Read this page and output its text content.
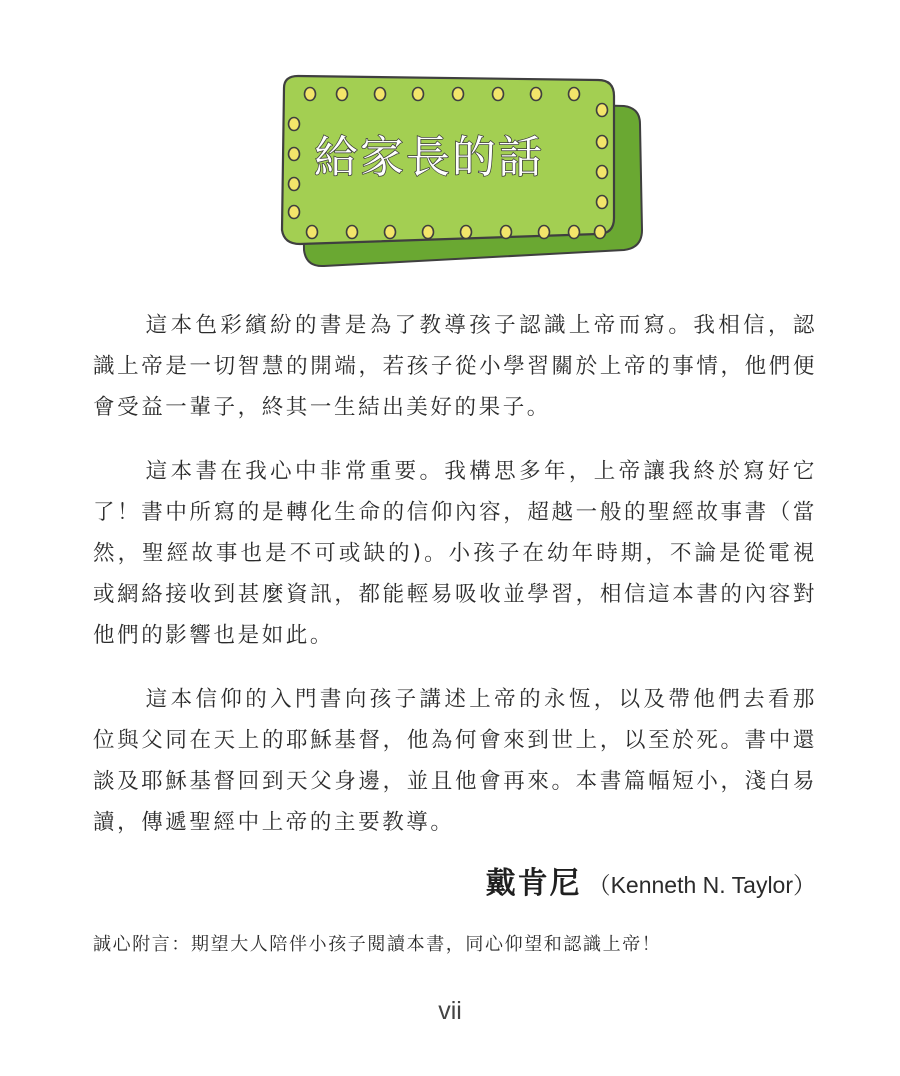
給家長的話

這本色彩繽紛的書是為了教導孩子認識上帝而寫。我相信，認識上帝是一切智慧的開端，若孩子從小學習關於上帝的事情，他們便會受益一輩子，終其一生結出美好的果子。

這本書在我心中非常重要。我構思多年，上帝讓我終於寫好它了！書中所寫的是轉化生命的信仰內容，超越一般的聖經故事書（當然，聖經故事也是不可或缺的)。小孩子在幼年時期，不論是從電視或網絡接收到甚麼資訊，都能輕易吸收並學習，相信這本書的內容對他們的影響也是如此。

這本信仰的入門書向孩子講述上帝的永恆，以及帶他們去看那位與父同在天上的耶穌基督，他為何會來到世上，以至於死。書中還談及耶穌基督回到天父身邊，並且他會再來。本書篇幅短小，淺白易讀，傳遞聖經中上帝的主要教導。

戴肯尼 （Kenneth N. Taylor）
誠心附言：期望大人陪伴小孩子閱讀本書，同心仰望和認識上帝！
vii
